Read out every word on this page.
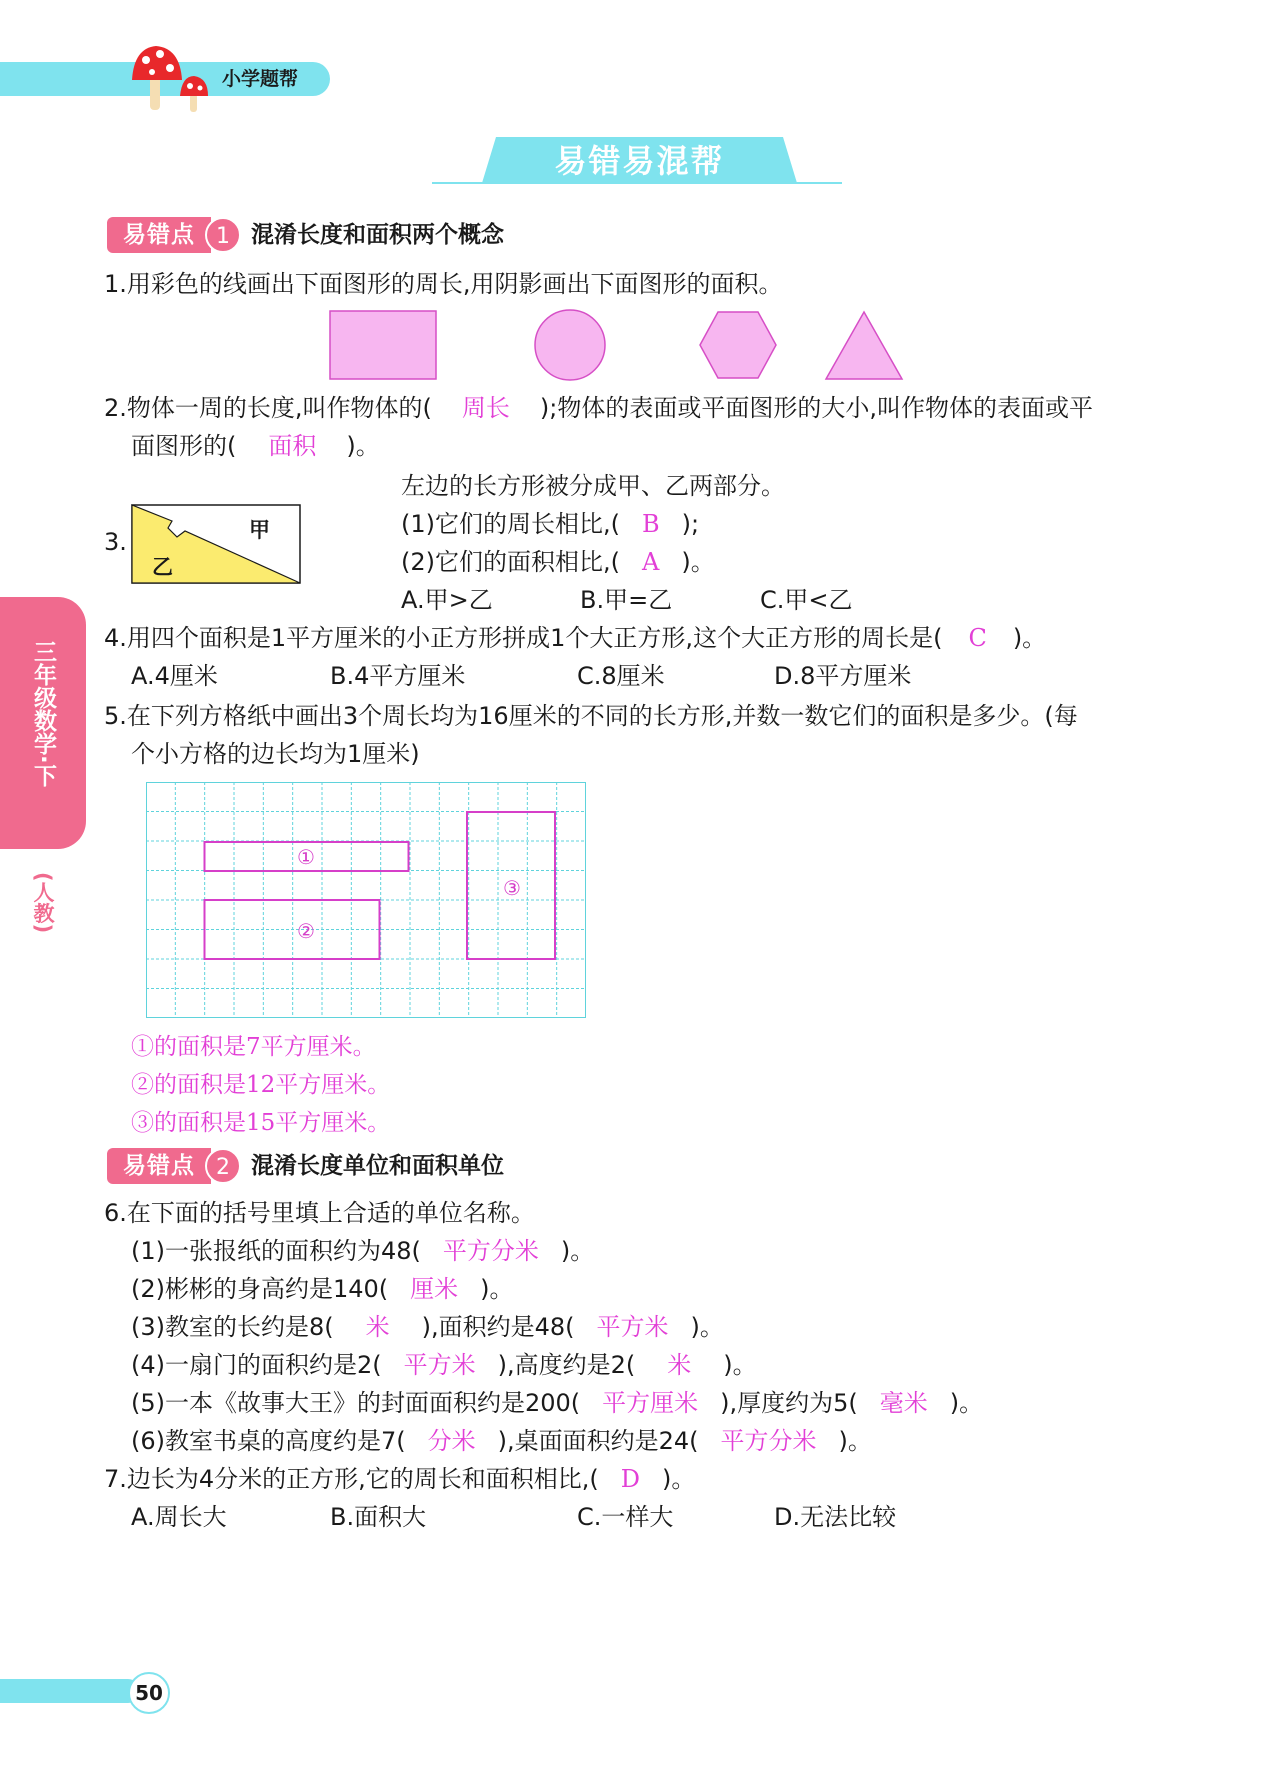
小学题帮
易错易混帮
三年级数学·下
(人教)
易错点 1 混淆长度和面积两个概念
1.用彩色的线画出下面图形的周长,用阴影画出下面图形的面积。
2.物体一周的长度,叫作物体的( 周长 );物体的表面或平面图形的大小,叫作物体的表面或平
面图形的( 面积 )。
3.	甲
乙
左边的长方形被分成甲、乙两部分。
(1)它们的周长相比,( B );
(2)它们的面积相比,( A )。
A.甲>乙	B.甲=乙	C.甲<乙
4.用四个面积是1平方厘米的小正方形拼成1个大正方形,这个大正方形的周长是( C )。
A.4厘米	B.4平方厘米	C.8厘米	D.8平方厘米
5.在下列方格纸中画出3个周长均为16厘米的不同的长方形,并数一数它们的面积是多少。(每
个小方格的边长均为1厘米)
①
②
③
①的面积是7平方厘米。
②的面积是12平方厘米。
③的面积是15平方厘米。
易错点 2 混淆长度单位和面积单位
6.在下面的括号里填上合适的单位名称。
(1)一张报纸的面积约为48( 平方分米 )。
(2)彬彬的身高约是140( 厘米 )。
(3)教室的长约是8( 米 ),面积约是48( 平方米 )。
(4)一扇门的面积约是2( 平方米 ),高度约是2( 米 )。
(5)一本《故事大王》的封面面积约是200( 平方厘米 ),厚度约为5( 毫米 )。
(6)教室书桌的高度约是7( 分米 ),桌面面积约是24( 平方分米 )。
7.边长为4分米的正方形,它的周长和面积相比,( D )。
A.周长大	B.面积大	C.一样大	D.无法比较
50
